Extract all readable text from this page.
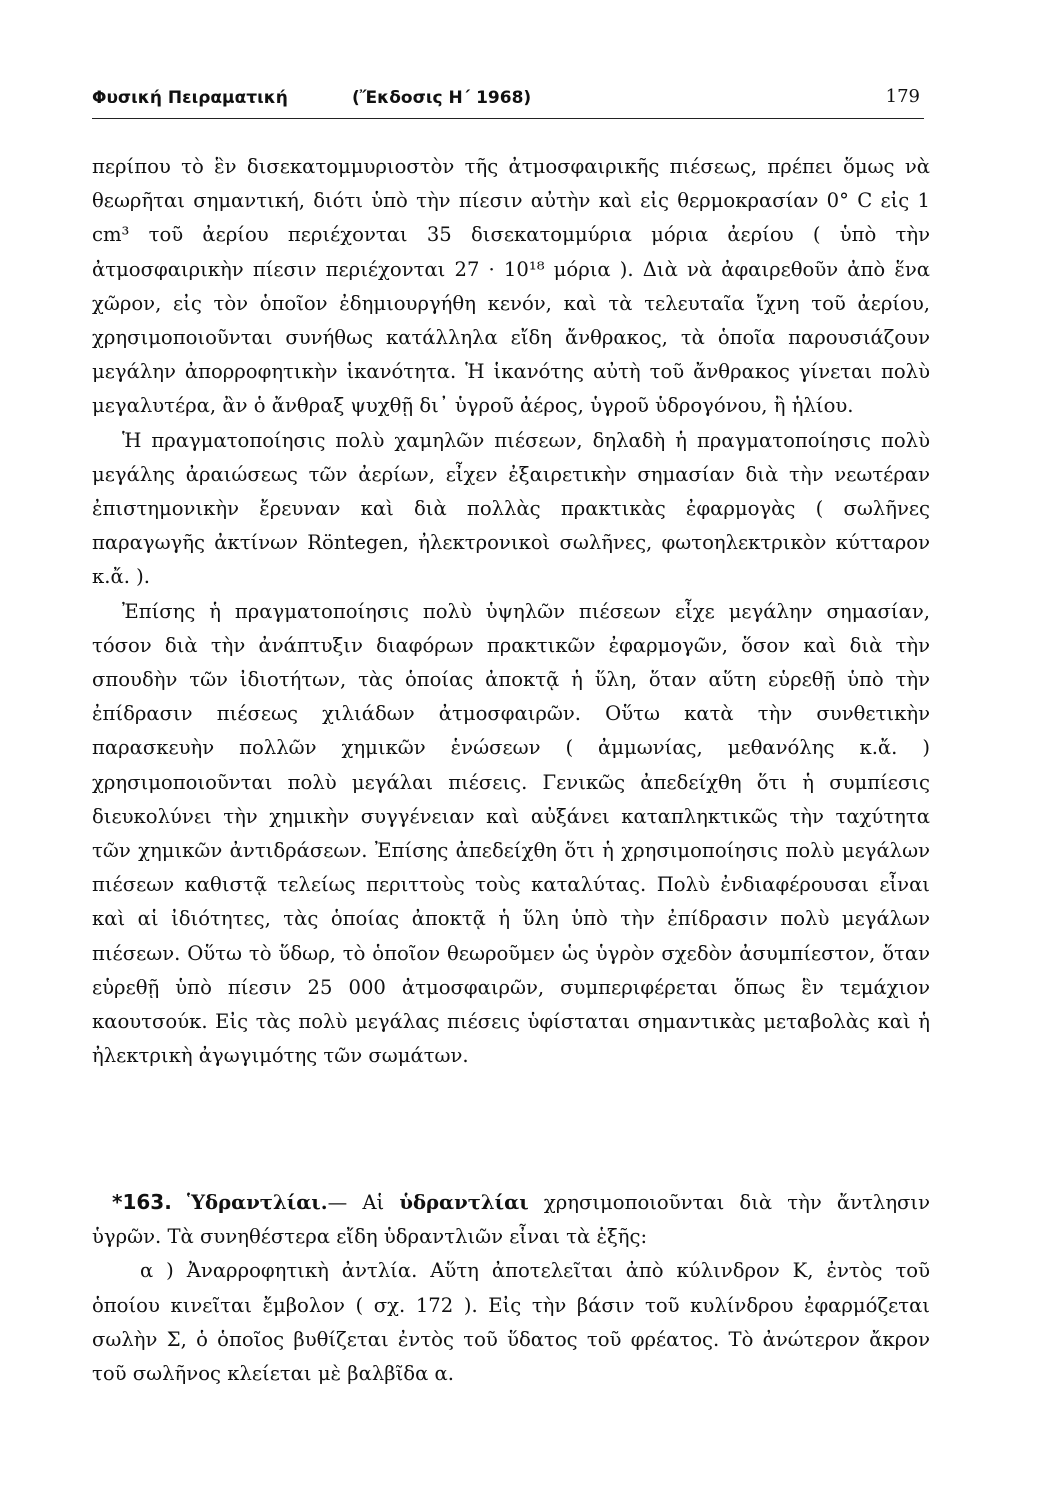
Φυσική Πειραματική	(Ἔκδοσις Η΄ 1968)	179

περίπου τὸ ἓν δισεκατομμυριοστὸν τῆς ἀτμοσφαιρικῆς πιέσεως, πρέπει ὅμως νὰ θεωρῆται σημαντική, διότι ὑπὸ τὴν πίεσιν αὐτὴν καὶ εἰς θερμοκρασίαν 0° C εἰς 1 cm³ τοῦ ἀερίου περιέχονται 35 δισεκατομμύρια μόρια ἀερίου ( ὑπὸ τὴν ἀτμοσφαιρικὴν πίεσιν περιέχονται 27 · 10¹⁸ μόρια ). Διὰ νὰ ἀφαιρεθοῦν ἀπὸ ἕνα χῶρον, εἰς τὸν ὁποῖον ἐδημιουργήθη κενόν, καὶ τὰ τελευταῖα ἴχνη τοῦ ἀερίου, χρησιμοποιοῦνται συνήθως κατάλληλα εἴδη ἄνθρακος, τὰ ὁποῖα παρουσιάζουν μεγάλην ἀπορροφητικὴν ἱκανότητα. Ἡ ἱκανότης αὐτὴ τοῦ ἄνθρακος γίνεται πολὺ μεγαλυτέρα, ἂν ὁ ἄνθραξ ψυχθῇ δι᾿ ὑγροῦ ἀέρος, ὑγροῦ ὑδρογόνου, ἢ ἡλίου.

Ἡ πραγματοποίησις πολὺ χαμηλῶν πιέσεων, δηλαδὴ ἡ πραγματοποίησις πολὺ μεγάλης ἀραιώσεως τῶν ἀερίων, εἶχεν ἐξαιρετικὴν σημασίαν διὰ τὴν νεωτέραν ἐπιστημονικὴν ἔρευναν καὶ διὰ πολλὰς πρακτικὰς ἐφαρμογὰς ( σωλῆνες παραγωγῆς ἀκτίνων Röntegen, ἠλεκτρονικοὶ σωλῆνες, φωτοηλεκτρικὸν κύτταρον κ.ἄ. ).

Ἐπίσης ἡ πραγματοποίησις πολὺ ὑψηλῶν πιέσεων εἶχε μεγάλην σημασίαν, τόσον διὰ τὴν ἀνάπτυξιν διαφόρων πρακτικῶν ἐφαρμογῶν, ὅσον καὶ διὰ τὴν σπουδὴν τῶν ἰδιοτήτων, τὰς ὁποίας ἀποκτᾷ ἡ ὕλη, ὅταν αὕτη εὑρεθῇ ὑπὸ τὴν ἐπίδρασιν πιέσεως χιλιάδων ἀτμοσφαιρῶν. Οὕτω κατὰ τὴν συνθετικὴν παρασκευὴν πολλῶν χημικῶν ἑνώσεων ( ἀμμωνίας, μεθανόλης κ.ἄ. ) χρησιμοποιοῦνται πολὺ μεγάλαι πιέσεις. Γενικῶς ἀπεδείχθη ὅτι ἡ συμπίεσις διευκολύνει τὴν χημικὴν συγγένειαν καὶ αὐξάνει καταπληκτικῶς τὴν ταχύτητα τῶν χημικῶν ἀντιδράσεων. Ἐπίσης ἀπεδείχθη ὅτι ἡ χρησιμοποίησις πολὺ μεγάλων πιέσεων καθιστᾷ τελείως περιττοὺς τοὺς καταλύτας. Πολὺ ἐνδιαφέρουσαι εἶναι καὶ αἱ ἰδιότητες, τὰς ὁποίας ἀποκτᾷ ἡ ὕλη ὑπὸ τὴν ἐπίδρασιν πολὺ μεγάλων πιέσεων. Οὕτω τὸ ὕδωρ, τὸ ὁποῖον θεωροῦμεν ὡς ὑγρὸν σχεδὸν ἀσυμπίεστον, ὅταν εὑρεθῇ ὑπὸ πίεσιν 25 000 ἀτμοσφαιρῶν, συμπεριφέρεται ὅπως ἓν τεμάχιον καουτσούκ. Εἰς τὰς πολὺ μεγάλας πιέσεις ὑφίσταται σημαντικὰς μεταβολὰς καὶ ἡ ἠλεκτρικὴ ἀγωγιμότης τῶν σωμάτων.

*163. Ὑδραντλίαι.— Αἱ ὑδραντλίαι χρησιμοποιοῦνται διὰ τὴν ἄντλησιν ὑγρῶν. Τὰ συνηθέστερα εἴδη ὑδραντλιῶν εἶναι τὰ ἑξῆς:

α ) Ἀναρροφητικὴ ἀντλία. Αὕτη ἀποτελεῖται ἀπὸ κύλινδρον Κ, ἐντὸς τοῦ ὁποίου κινεῖται ἔμβολον ( σχ. 172 ). Εἰς τὴν βάσιν τοῦ κυλίνδρου ἐφαρμόζεται σωλὴν Σ, ὁ ὁποῖος βυθίζεται ἐντὸς τοῦ ὕδατος τοῦ φρέατος. Τὸ ἀνώτερον ἄκρον τοῦ σωλῆνος κλείεται μὲ βαλβῖδα α.
